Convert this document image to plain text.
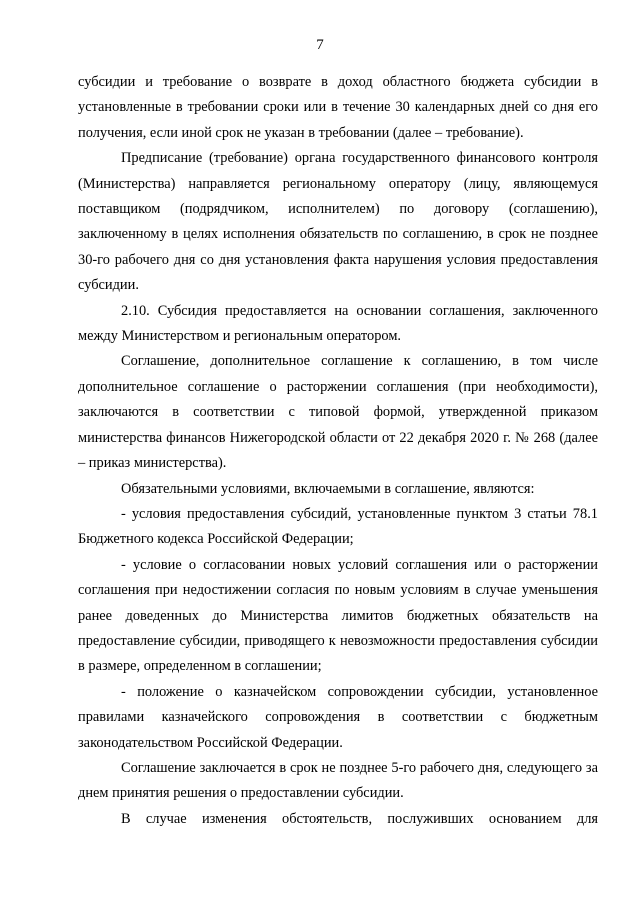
7

субсидии и требование о возврате в доход областного бюджета субсидии в установленные в требовании сроки или в течение 30 календарных дней со дня его получения, если иной срок не указан в требовании (далее – требование).

Предписание (требование) органа государственного финансового контроля (Министерства) направляется региональному оператору (лицу, являющемуся поставщиком (подрядчиком, исполнителем) по договору (соглашению), заключенному в целях исполнения обязательств по соглашению, в срок не позднее 30-го рабочего дня со дня установления факта нарушения условия предоставления субсидии.

2.10. Субсидия предоставляется на основании соглашения, заключенного между Министерством и региональным оператором.

Соглашение, дополнительное соглашение к соглашению, в том числе дополнительное соглашение о расторжении соглашения (при необходимости), заключаются в соответствии с типовой формой, утвержденной приказом министерства финансов Нижегородской области от 22 декабря 2020 г. № 268 (далее – приказ министерства).

Обязательными условиями, включаемыми в соглашение, являются:

- условия предоставления субсидий, установленные пунктом 3 статьи 78.1 Бюджетного кодекса Российской Федерации;

- условие о согласовании новых условий соглашения или о расторжении соглашения при недостижении согласия по новым условиям в случае уменьшения ранее доведенных до Министерства лимитов бюджетных обязательств на предоставление субсидии, приводящего к невозможности предоставления субсидии в размере, определенном в соглашении;

- положение о казначейском сопровождении субсидии, установленное правилами казначейского сопровождения в соответствии с бюджетным законодательством Российской Федерации.

Соглашение заключается в срок не позднее 5-го рабочего дня, следующего за днем принятия решения о предоставлении субсидии.

В случае изменения обстоятельств, послуживших основанием для
